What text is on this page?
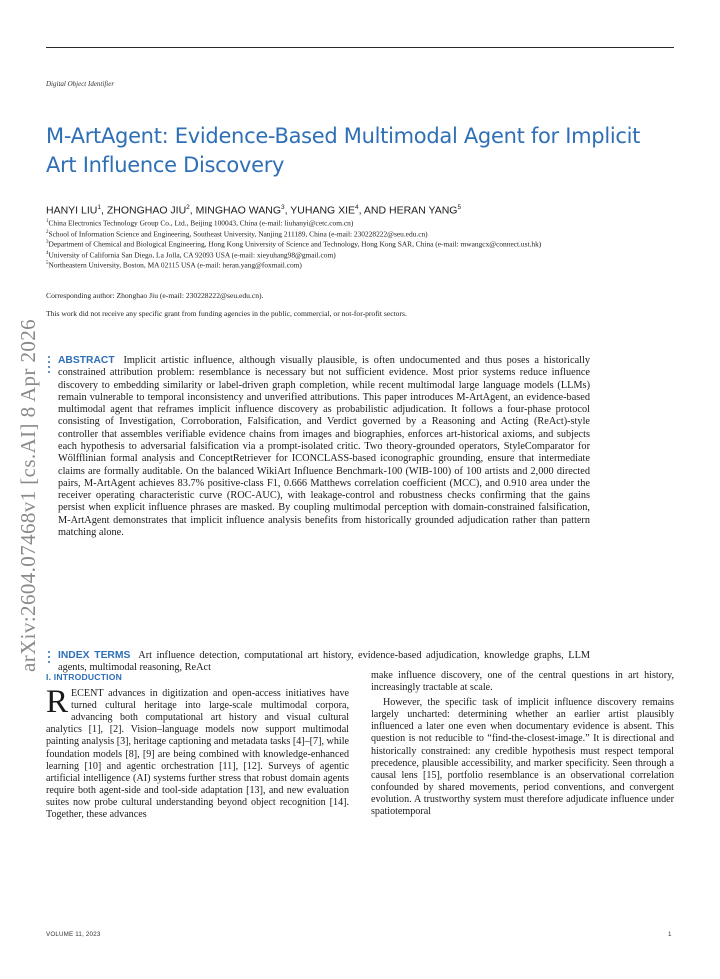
Digital Object Identifier
M-ArtAgent: Evidence-Based Multimodal Agent for Implicit Art Influence Discovery
HANYI LIU$^1$, ZHONGHAO JIU$^2$, MINGHAO WANG$^3$, YUHANG XIE$^4$, AND HERAN YANG$^5$
$^1$China Electronics Technology Group Co., Ltd., Beijing 100043, China (e-mail: liuhanyi@cetc.com.cn)
$^2$School of Information Science and Engineering, Southeast University, Nanjing 211189, China (e-mail: 230228222@seu.edu.cn)
$^3$Department of Chemical and Biological Engineering, Hong Kong University of Science and Technology, Hong Kong SAR, China (e-mail: mwangcx@connect.ust.hk)
$^4$University of California San Diego, La Jolla, CA 92093 USA (e-mail: xieyuhang98@gmail.com)
$^5$Northeastern University, Boston, MA 02115 USA (e-mail: heran.yang@foxmail.com)
Corresponding author: Zhonghao Jiu (e-mail: 230228222@seu.edu.cn).
This work did not receive any specific grant from funding agencies in the public, commercial, or not-for-profit sectors.
arXiv:2604.07468v1 [cs.AI] 8 Apr 2026 ABSTRACT Implicit artistic influence, although visually plausible, is often undocumented and thus poses a historically constrained attribution problem: resemblance is necessary but not sufficient evidence. Most prior systems reduce influence discovery to embedding similarity or label-driven graph completion, while recent multimodal large language models (LLMs) remain vulnerable to temporal inconsistency and unverified attributions. This paper introduces M-ArtAgent, an evidence-based multimodal agent that reframes implicit influence discovery as probabilistic adjudication. It follows a four-phase protocol consisting of Investigation, Corroboration, Falsification, and Verdict governed by a Reasoning and Acting (ReAct)-style controller that assembles verifiable evidence chains from images and biographies, enforces art-historical axioms, and subjects each hypothesis to adversarial falsification via a prompt-isolated critic. Two theory-grounded operators, StyleComparator for Wölfflinian formal analysis and ConceptRetriever for ICONCLASS-based iconographic grounding, ensure that intermediate claims are formally auditable. On the balanced WikiArt Influence Benchmark-100 (WIB-100) of 100 artists and 2,000 directed pairs, M-ArtAgent achieves 83.7% positive-class F1, 0.666 Matthews correlation coefficient (MCC), and 0.910 area under the receiver operating characteristic curve (ROC-AUC), with leakage-control and robustness checks confirming that the gains persist when explicit influence phrases are masked. By coupling multimodal perception with domain-constrained falsification, M-ArtAgent demonstrates that implicit influence analysis benefits from historically grounded adjudication rather than pattern matching alone.
INDEX TERMS Art influence detection, computational art history, evidence-based adjudication, knowledge graphs, LLM agents, multimodal reasoning, ReAct
I. INTRODUCTION

RECENT advances in digitization and open-access initiatives have turned cultural heritage into large-scale multimodal corpora, advancing both computational art history and visual cultural analytics [1], [2]. Vision–language models now support multimodal painting analysis [3], heritage captioning and metadata tasks [4]–[7], while foundation models [8], [9] are being combined with knowledge-enhanced learning [10] and agentic orchestration [11], [12]. Surveys of agentic artificial intelligence (AI) systems further stress that robust domain agents require both agent-side and tool-side adaptation [13], and new evaluation suites now probe cultural understanding beyond object recognition [14]. Together, these advances

make influence discovery, one of the central questions in art history, increasingly tractable at scale.

However, the specific task of implicit influence discovery remains largely uncharted: determining whether an earlier artist plausibly influenced a later one even when documentary evidence is absent. This question is not reducible to “find-the-closest-image.” It is directional and historically constrained: any credible hypothesis must respect temporal precedence, plausible accessibility, and marker specificity. Seen through a causal lens [15], portfolio resemblance is an observational correlation confounded by shared movements, period conventions, and convergent evolution. A trustworthy system must therefore adjudicate influence under spatiotemporal

VOLUME 11, 2023	1
